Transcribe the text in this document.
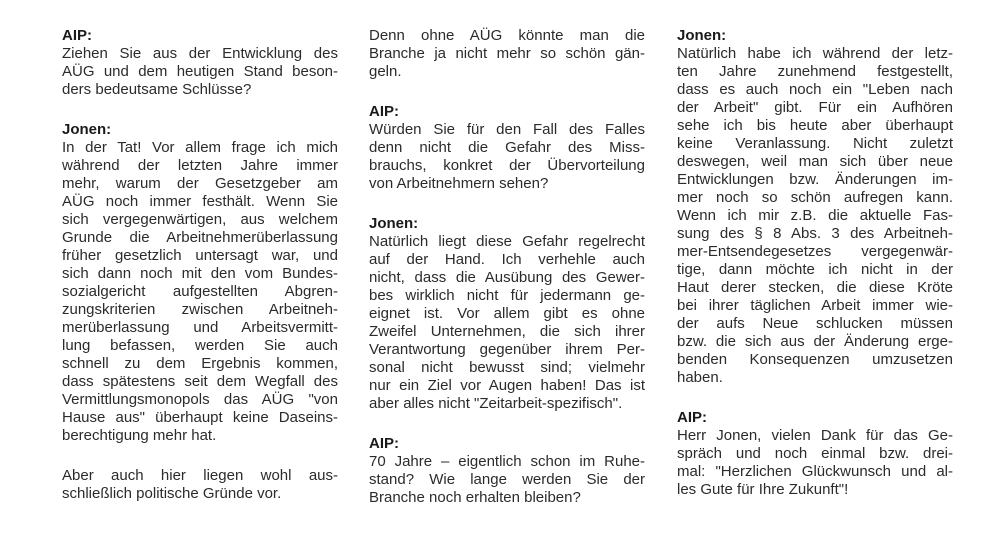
AIP:
Ziehen Sie aus der Entwicklung des
AÜG und dem heutigen Stand beson-
ders bedeutsame Schlüsse?
Jonen:
In der Tat! Vor allem frage ich mich
während der letzten Jahre immer
mehr, warum der Gesetzgeber am
AÜG noch immer festhält. Wenn Sie
sich vergegenwärtigen, aus welchem
Grunde die Arbeitnehmerüberlassung
früher gesetzlich untersagt war, und
sich dann noch mit den vom Bundes-
sozialgericht aufgestellten Abgren-
zungskriterien zwischen Arbeitneh-
merüberlassung und Arbeitsvermitt-
lung befassen, werden Sie auch
schnell zu dem Ergebnis kommen,
dass spätestens seit dem Wegfall des
Vermittlungsmonopols das AÜG "von
Hause aus" überhaupt keine Daseins-
berechtigung mehr hat.
Aber auch hier liegen wohl aus-
schließlich politische Gründe vor.
Denn ohne AÜG könnte man die
Branche ja nicht mehr so schön gän-
geln.
AIP:
Würden Sie für den Fall des Falles
denn nicht die Gefahr des Miss-
brauchs, konkret der Übervorteilung
von Arbeitnehmern sehen?
Jonen:
Natürlich liegt diese Gefahr regelrecht
auf der Hand. Ich verhehle auch
nicht, dass die Ausübung des Gewer-
bes wirklich nicht für jedermann ge-
eignet ist. Vor allem gibt es ohne
Zweifel Unternehmen, die sich ihrer
Verantwortung gegenüber ihrem Per-
sonal nicht bewusst sind; vielmehr
nur ein Ziel vor Augen haben! Das ist
aber alles nicht "Zeitarbeit-spezifisch".
AIP:
70 Jahre – eigentlich schon im Ruhe-
stand? Wie lange werden Sie der
Branche noch erhalten bleiben?
Jonen:
Natürlich habe ich während der letz-
ten Jahre zunehmend festgestellt,
dass es auch noch ein "Leben nach
der Arbeit" gibt. Für ein Aufhören
sehe ich bis heute aber überhaupt
keine Veranlassung. Nicht zuletzt
deswegen, weil man sich über neue
Entwicklungen bzw. Änderungen im-
mer noch so schön aufregen kann.
Wenn ich mir z.B. die aktuelle Fas-
sung des § 8 Abs. 3 des Arbeitneh-
mer-Entsendegesetzes vergegenwär-
tige, dann möchte ich nicht in der
Haut derer stecken, die diese Kröte
bei ihrer täglichen Arbeit immer wie-
der aufs Neue schlucken müssen
bzw. die sich aus der Änderung erge-
benden Konsequenzen umzusetzen
haben.
AIP:
Herr Jonen, vielen Dank für das Ge-
spräch und noch einmal bzw. drei-
mal: "Herzlichen Glückwunsch und al-
les Gute für Ihre Zukunft"!
